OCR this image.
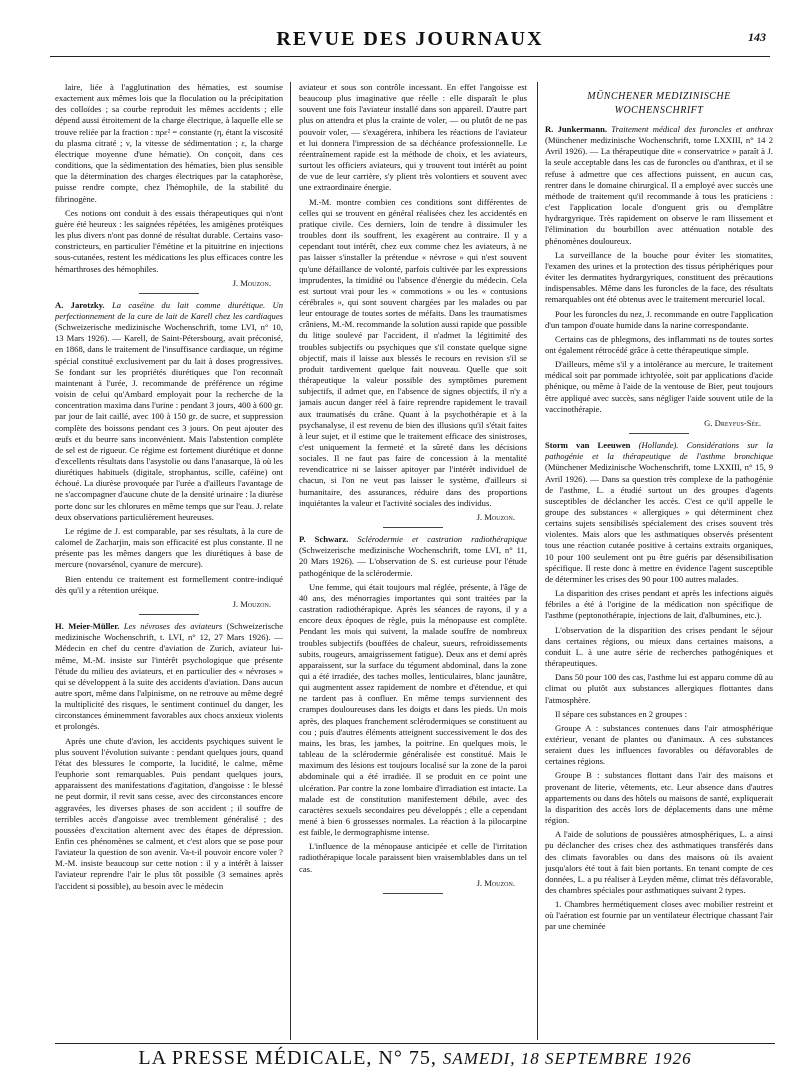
REVUE DES JOURNAUX	143

laire, liée à l'agglutination des hématies, est soumise exactement aux mêmes lois que la floculation ou la précipitation des colloïdes ; sa courbe reproduit les mêmes accidents ; elle dépend aussi étroitement de la charge électrique, à laquelle elle se trouve reliée par la fraction : πρε² = constante (η, étant la viscosité du plasma citraté ; ν, la vitesse de sédimentation ; ε, la charge électrique moyenne d'une hématie). On conçoit, dans ces conditions, que la sédimentation des hématies, bien plus sensible que la détermination des charges électriques par la cataphorèse, puisse rendre compte, chez l'hémophile, de la stabilité du fibrinogène.

Ces notions ont conduit à des essais thérapeutiques qui n'ont guère été heureux : les saignées répétées, les amigènes protéiques les plus divers n'ont pas donné de résultat durable. Certains vaso-constricteurs, en particulier l'émétine et la pituitrine en injections sous-cutanées, restent les médications les plus efficaces contre les hémarthroses des hémophiles.

J. Mouzon.

A. Jarotzky. La caséine du lait comme diurétique. Un perfectionnement de la cure de lait de Karell chez les cardiaques (Schweizerische medizinische Wochenschrift, tome LVI, n° 10, 13 Mars 1926). — Karell, de Saint-Pétersbourg, avait préconisé, en 1868, dans le traitement de l'insuffisance cardiaque, un régime spécial constitué exclusivement par du lait à doses progressives. Se fondant sur les propriétés diurétiques que l'on reconnaît maintenant à l'urée, J. recommande de préférence un régime voisin de celui qu'Ambard employait pour la recherche de la concentration maxima dans l'urine : pendant 3 jours, 400 à 600 gr. par jour de lait caillé, avec 100 à 150 gr. de sucre, et suppression complète des boissons pendant ces 3 jours. On peut ajouter des œufs et du beurre sans inconvénient. Mais l'abstention complète de sel est de rigueur. Ce régime est fortement diurétique et donne d'excellents résultats dans l'asystolie ou dans l'anasarque, là où les diurétiques habituels (digitale, strophantus, scille, caféine) ont échoué. La diurèse provoquée par l'urée a d'ailleurs l'avantage de ne s'accompagner d'aucune chute de la densité urinaire : la diurèse porte donc sur les chlorures en même temps que sur l'eau. J. relate deux observations particulièrement heureuses.

Le régime de J. est comparable, par ses résultats, à la cure de calomel de Zacharjin, mais son efficacité est plus constante. Il ne présente pas les mêmes dangers que les diurétiques à base de mercure (novarsénol, cyanure de mercure).

Bien entendu ce traitement est formellement contre-indiqué dès qu'il y a rétention uréique.

J. Mouzon.

H. Meier-Müller. Les névroses des aviateurs (Schweizerische medizinische Wochenschrift, t. LVI, n° 12, 27 Mars 1926). — Médecin en chef du centre d'aviation de Zurich, aviateur lui-même, M.-M. insiste sur l'intérêt psychologique que présente l'étude du milieu des aviateurs, et en particulier des « névroses » qui se développent à la suite des accidents d'aviation. Dans aucun autre sport, même dans l'alpinisme, on ne retrouve au même degré la multiplicité des risques, le sentiment continuel du danger, les circonstances éminemment favorables aux chocs anxieux violents et prolongés.

Après une chute d'avion, les accidents psychiques suivent le plus souvent l'évolution suivante : pendant quelques jours, quand l'état des blessures le comporte, la lucidité, le calme, même l'euphorie sont remarquables. Puis pendant quelques jours, apparaissent des manifestations d'agitation, d'angoisse : le blessé ne peut dormir, il revit sans cesse, avec des circonstances encore aggravées, les diverses phases de son accident ; il souffre de terribles accès d'angoisse avec tremblement généralisé ; des poussées d'excitation alternent avec des étapes de dépression. Enfin ces phénomènes se calment, et c'est alors que se pose pour l'aviateur la question de son avenir. Va-t-il pouvoir encore voler ? M.-M. insiste beaucoup sur cette notion : il y a intérêt à laisser l'aviateur reprendre l'air le plus tôt possible (3 semaines après l'accident si possible), au besoin avec le médecin

aviateur et sous son contrôle incessant. En effet l'angoisse est beaucoup plus imaginative que réelle : elle disparaît le plus souvent une fois l'aviateur installé dans son appareil. D'autre part plus on attendra et plus la crainte de voler, — ou plutôt de ne pas pouvoir voler, — s'exagérera, inhibera les réactions de l'aviateur et lui donnera l'impression de sa déchéance professionnelle. Le réentraînement rapide est la méthode de choix, et les aviateurs, surtout les officiers aviateurs, qui y trouvent tout intérêt au point de vue de leur carrière, s'y plient très volontiers et souvent avec une extraordinaire énergie.

M.-M. montre combien ces conditions sont différentes de celles qui se trouvent en général réalisées chez les accidentés en pratique civile. Ces derniers, loin de tendre à dissimuler les troubles dont ils souffrent, les exagèrent au contraire. Il y a cependant tout intérêt, chez eux comme chez les aviateurs, à ne pas laisser s'installer la prétendue « névrose » qui n'est souvent qu'une défaillance de volonté, parfois cultivée par les expressions imprudentes, la timidité ou l'absence d'énergie du médecin. Cela est surtout vrai pour les « commotions » ou les « contusions cérébrales », qui sont souvent chargées par les malades ou par leur entourage de toutes sortes de méfaits. Dans les traumatismes crâniens, M.-M. recommande la solution aussi rapide que possible du litige soulevé par l'accident, il n'admet la légitimité des troubles subjectifs ou psychiques que s'il constate quelque signe objectif, mais il laisse aux blessés le recours en revision s'il se produit tardivement quelque fait nouveau. Quelle que soit thérapeutique la valeur possible des symptômes purement subjectifs, il admet que, en l'absence de signes objectifs, il n'y a jamais aucun danger réel à faire reprendre rapidement le travail aux traumatisés du crâne. Quant à la psychothérapie et à la psychanalyse, il est revenu de bien des illusions qu'il s'était faites à leur sujet, et il estime que le traitement efficace des sinistroses, c'est uniquement la fermeté et la sûreté dans les décisions sociales. Il ne faut pas faire de concession à la mentalité revendicatrice ni se laisser apitoyer par l'intérêt individuel de chacun, si l'on ne veut pas laisser le système, d'ailleurs si humanitaire, des assurances, réduire dans des proportions inquiétantes la valeur et l'activité sociales des individus.

J. Mouzon.

P. Schwarz. Sclérodermie et castration radiothérapique (Schweizerische medizinische Wochenschrift, tome LVI, n° 11, 20 Mars 1926). — L'observation de S. est curieuse pour l'étude pathogénique de la sclérodermie.

Une femme, qui était toujours mal réglée, présente, à l'âge de 40 ans, des ménorragies importantes qui sont traitées par la castration radiothérapique. Après les séances de rayons, il y a encore deux époques de règle, puis la ménopause est complète. Pendant les mois qui suivent, la malade souffre de nombreux troubles subjectifs (bouffées de chaleur, sueurs, refroidissements subits, rougeurs, amaigrissement fatigue). Deux ans et demi après apparaissent, sur la surface du tégument abdominal, dans la zone qui a été irradiée, des taches molles, lenticulaires, blanc jaunâtre, qui augmentent assez rapidement de nombre et d'étendue, et qui ne tardent pas à confluer. En même temps surviennent des crampes douloureuses dans les doigts et dans les pieds. Un mois après, des plaques franchement sclérodermiques se constituent au cou ; puis d'autres éléments atteignent successivement le dos des mains, les bras, les jambes, la poitrine. En quelques mois, le tableau de la sclérodermie généralisée est constitué. Mais le maximum des lésions est toujours localisé sur la zone de la paroi abdominale qui a été irradiée. Il se produit en ce point une ulcération. Par contre la zone lombaire d'irradiation est intacte. La malade est de constitution manifestement débile, avec des caractères sexuels secondaires peu développés ; elle a cependant mené à bien 6 grossesses normales. La réaction à la pilocarpine est faible, le dermographisme intense.

L'influence de la ménopause anticipée et celle de l'irritation radiothérapique locale paraissent bien vraisemblables dans un tel cas.

J. Mouzon.

MÜNCHENER MEDIZINISCHE WOCHENSCHRIFT

R. Junkermann. Traitement médical des furoncles et anthrax (Münchener medizinische Wochenschrift, tome LXXIII, n° 14 2 Avril 1926). — La thérapeutique dite « conservatrice » paraît à J. la seule acceptable dans les cas de furoncles ou d'anthrax, et il se refuse à admettre que ces affections puissent, en aucun cas, rentrer dans le domaine chirurgical. Il a employé avec succès une méthode de traitement qu'il recommande à tous les praticiens : c'est l'application locale d'onguent gris ou d'emplâtre hydrargyrique. Très rapidement on observe le ram llissement et l'élimination du bourbillon avec atténuation notable des phénomènes douloureux.

La surveillance de la bouche pour éviter les stomatites, l'examen des urines et la protection des tissus périphériques pour éviter les dermatites hydrargyriques, constituent des précautions indispensables. Même dans les furoncles de la face, des résultats remarquables ont été obtenus avec le traitement mercuriel local.

Pour les furoncles du nez, J. recommande en outre l'application d'un tampon d'ouate humide dans la narine correspondante.

Certains cas de phlegmons, des inflammati ns de toutes sortes ont également rétrocédé grâce à cette thérapeutique simple.

D'ailleurs, même s'il y a intolérance au mercure, le traitement médical soit par pommade ichtyolée, soit par applications d'acide phénique, ou même à l'aide de la ventouse de Bier, peut toujours être appliqué avec succès, sans négliger l'aide souvent utile de la vaccinothérapie.

G. Dreyfus-Sée.

Storm van Leeuwen (Hollande). Considérations sur la pathogénie et la thérapeutique de l'asthme bronchique (Münchener Medizinische Wochenschrift, tome LXXIII, n° 15, 9 Avril 1926). — Dans sa question très complexe de la pathogénie de l'asthme, L. a étudié surtout un des groupes d'agents susceptibles de déclancher les accès. C'est ce qu'il appelle le groupe des substances « allergiques » qui déterminent chez certains sujets sensibilisés spécialement des crises souvent très violentes. Mais alors que les asthmatiques observés présentent tous une réaction cutanée positive à certains extraits organiques, 10 pour 100 seulement ont pu être guéris par désensibilisation spécifique. Il reste donc à mettre en évidence l'agent susceptible de déterminer les crises des 90 pour 100 autres malades.

La disparition des crises pendant et après les infections aiguës fébriles a été à l'origine de la médication non spécifique de l'asthme (peptonothérapie, injections de lait, d'albumines, etc.).

L'observation de la disparition des crises pendant le séjour dans certaines régions, ou mieux dans certaines maisons, a conduit L. à une autre série de recherches pathogéniques et thérapeutiques.

Dans 50 pour 100 des cas, l'asthme lui est apparu comme dû au climat ou plutôt aux substances allergiques flottantes dans l'atmosphère.

Il sépare ces substances en 2 groupes :

Groupe A : substances contenues dans l'air atmosphérique extérieur, venant de plantes ou d'animaux. A ces substances seraient dues les influences favorables ou défavorables de certaines régions.

Groupe B : substances flottant dans l'air des maisons et provenant de literie, vêtements, etc. Leur absence dans d'autres appartements ou dans des hôtels ou maisons de santé, expliquerait la disparition des accès lors de déplacements dans une même région.

A l'aide de solutions de poussières atmosphériques, L. a ainsi pu déclancher des crises chez des asthmatiques transférés dans des climats favorables ou dans des maisons où ils avaient jusqu'alors été tout à fait bien portants. En tenant compte de ces données, L. a pu réaliser à Leyden même, climat très défavorable, des chambres spéciales pour asthmatiques suivant 2 types.

1. Chambres hermétiquement closes avec mobilier restreint et où l'aération est fournie par un ventilateur électrique chassant l'air par une cheminée

LA PRESSE MÉDICALE, N° 75, SAMEDI, 18 SEPTEMBRE 1926
